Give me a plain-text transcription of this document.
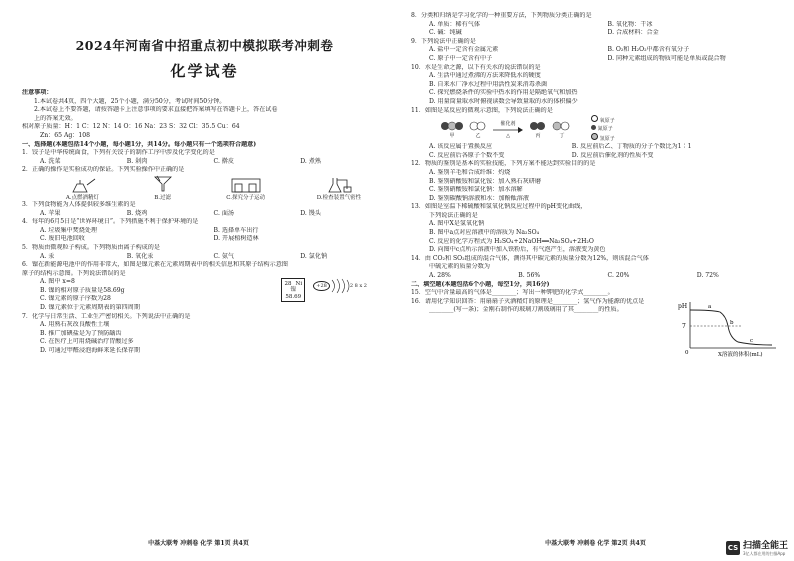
2024年河南省中招重点初中模拟联考冲刺卷
化学试卷
注意事项：
1.本试卷共4页，四个大题，25个小题，满分50分，考试时间50分钟。
2.本试卷上不要答题，请按答题卡上注意事项的要求直接把答案填写在答题卡上，答在试卷
上的答案无效。
相对原子质量：H：1 C：12 N：14 O：16 Na：23 S：32 Cl：35.5 Cu：64
Zn：65 Ag：108
一、选择题(本题包括14个小题，每小题1分，共14分。每小题只有一个选项符合题意)
1．饺子是中华传统面食，下列有关饺子的制作工序中涉及化学变化的是
A. 洗菜	B. 剁肉	C. 擀皮	D. 煮熟
2．正确的操作是实验成功的保证。下列实验操作中正确的是
A.点燃酒精灯	B.过滤	C.探究分子运动	D.检查装置气密性
3．下列食物能为人体提供较多维生素的是
A. 苹果	B. 烧鸡	C. 面汤	D. 馒头
4．每年的6月5日是“世界环境日”。下列措施不利于保护环境的是
A. 垃圾集中焚烧处理	B. 选择单车出行
C. 废旧电池回收	D. 开展植树造林
5．物质由微观粒子构成。下列物质由离子构成的是
A. 汞	B. 氧化汞	C. 氨气	D. 氯化钠
6．镍在新能源电池中的作用非常大，如图是镍元素在元素周期表中的相关信息和其原子结构示意图
原子的结构示意图。下列说法错误的是
A. 图中 x=8
B. 镍的相对原子质量是58.69g
C. 镍元素的原子序数为28
D. 镍元素位于元素周期表的第四周期
28 Ni
镍
58.69
+28	2 8 x 2
7．化学与日常生活、工业生产密切相关。下列说法中正确的是
A. 用熟石灰改良酸性土壤
B. 推广加碘盐是为了预防龋齿
C. 在医疗上可用烧碱治疗胃酸过多
D. 可通过甲醛浸泡海鲜来延长保存期
中基大联考 冲刺卷 化学 第1页 共4页
8．分类和归纳是学习化学的一种重要方法，下列物质分类正确的是
A. 单质：稀有气体	B. 氧化物：干冰
C. 碱：纯碱	D. 合成材料：合金
9．下列说法中正确的是
A. 盐中一定含有金属元素	B. O₂和 H₂O₂中都含有氧分子
C. 原子中一定含有中子	D. 同种元素组成的物质可能是单质或混合物
10．水是生命之源，以下有关水的说法错误的是
A. 生活中通过煮沸的方法来降低水的硬度
B. 自来水厂净水过程中用活性炭来消毒杀菌
C. 探究燃烧条件的实验中热水的作用是隔绝氧气和加热
D. 用量筒量取水时俯视读数会导致量取的水的体积偏少
11．如图是某反应的微观示意图，下列说法正确的是
甲	乙
催化剂
△	丙	丁
氧原子
氮原子
氢原子
A. 该反应属于置换反应	B. 反应前后乙、丁物质的分子个数比为1∶1
C. 反应前后各原子个数不变	D. 反应前后催化剂的性质不变
12．物质的鉴别是基本的实验技能，下列方案不能达到实验目的的是
A. 鉴别羊毛和合成纤维：灼烧
B. 鉴别硝酸铵和氯化铵：加入熟石灰研磨
C. 鉴别硝酸铵和氯化钠：加水溶解
D. 鉴别碳酸钠溶液和水：加酚酞溶液
13．如图是室温下稀硫酸和氢氧化钠反应过程中的pH变化曲线，
下列说法正确的是
A. 图中X是氢氧化钠
B. 图中a点对应溶液中的溶质为 Na₂SO₄
C. 反应的化学方程式为 H₂SO₄+2NaOH══Na₂SO₄+2H₂O
D. 向图中c点所示溶液中加入铁粉后，有气泡产生，溶液变为黄色
14．由 CO₂和 SO₂组成的混合气体，测得其中碳元素的质量分数为12%，则该混合气体
中硫元素的质量分数为
A. 28%	B. 56%	C. 20%	D. 72%
二、填空题(本题包括6个小题，每空1分，共16分)
15．空气中含量最高的气体是________；写出一种钾肥的化学式________。
16．请用化学知识回答：用扇扇子灭酒精灯的原理是________；氢气作为能源的优点是
________(写一条)；金刚石制作的玻璃刀割玻璃用了其________的性质。
中基大联考 冲刺卷 化学 第2页 共4页
pH
7
a
b
c
0	X溶液的体积(mL)
CS 扫描全能王
3亿人都在用的扫描App
